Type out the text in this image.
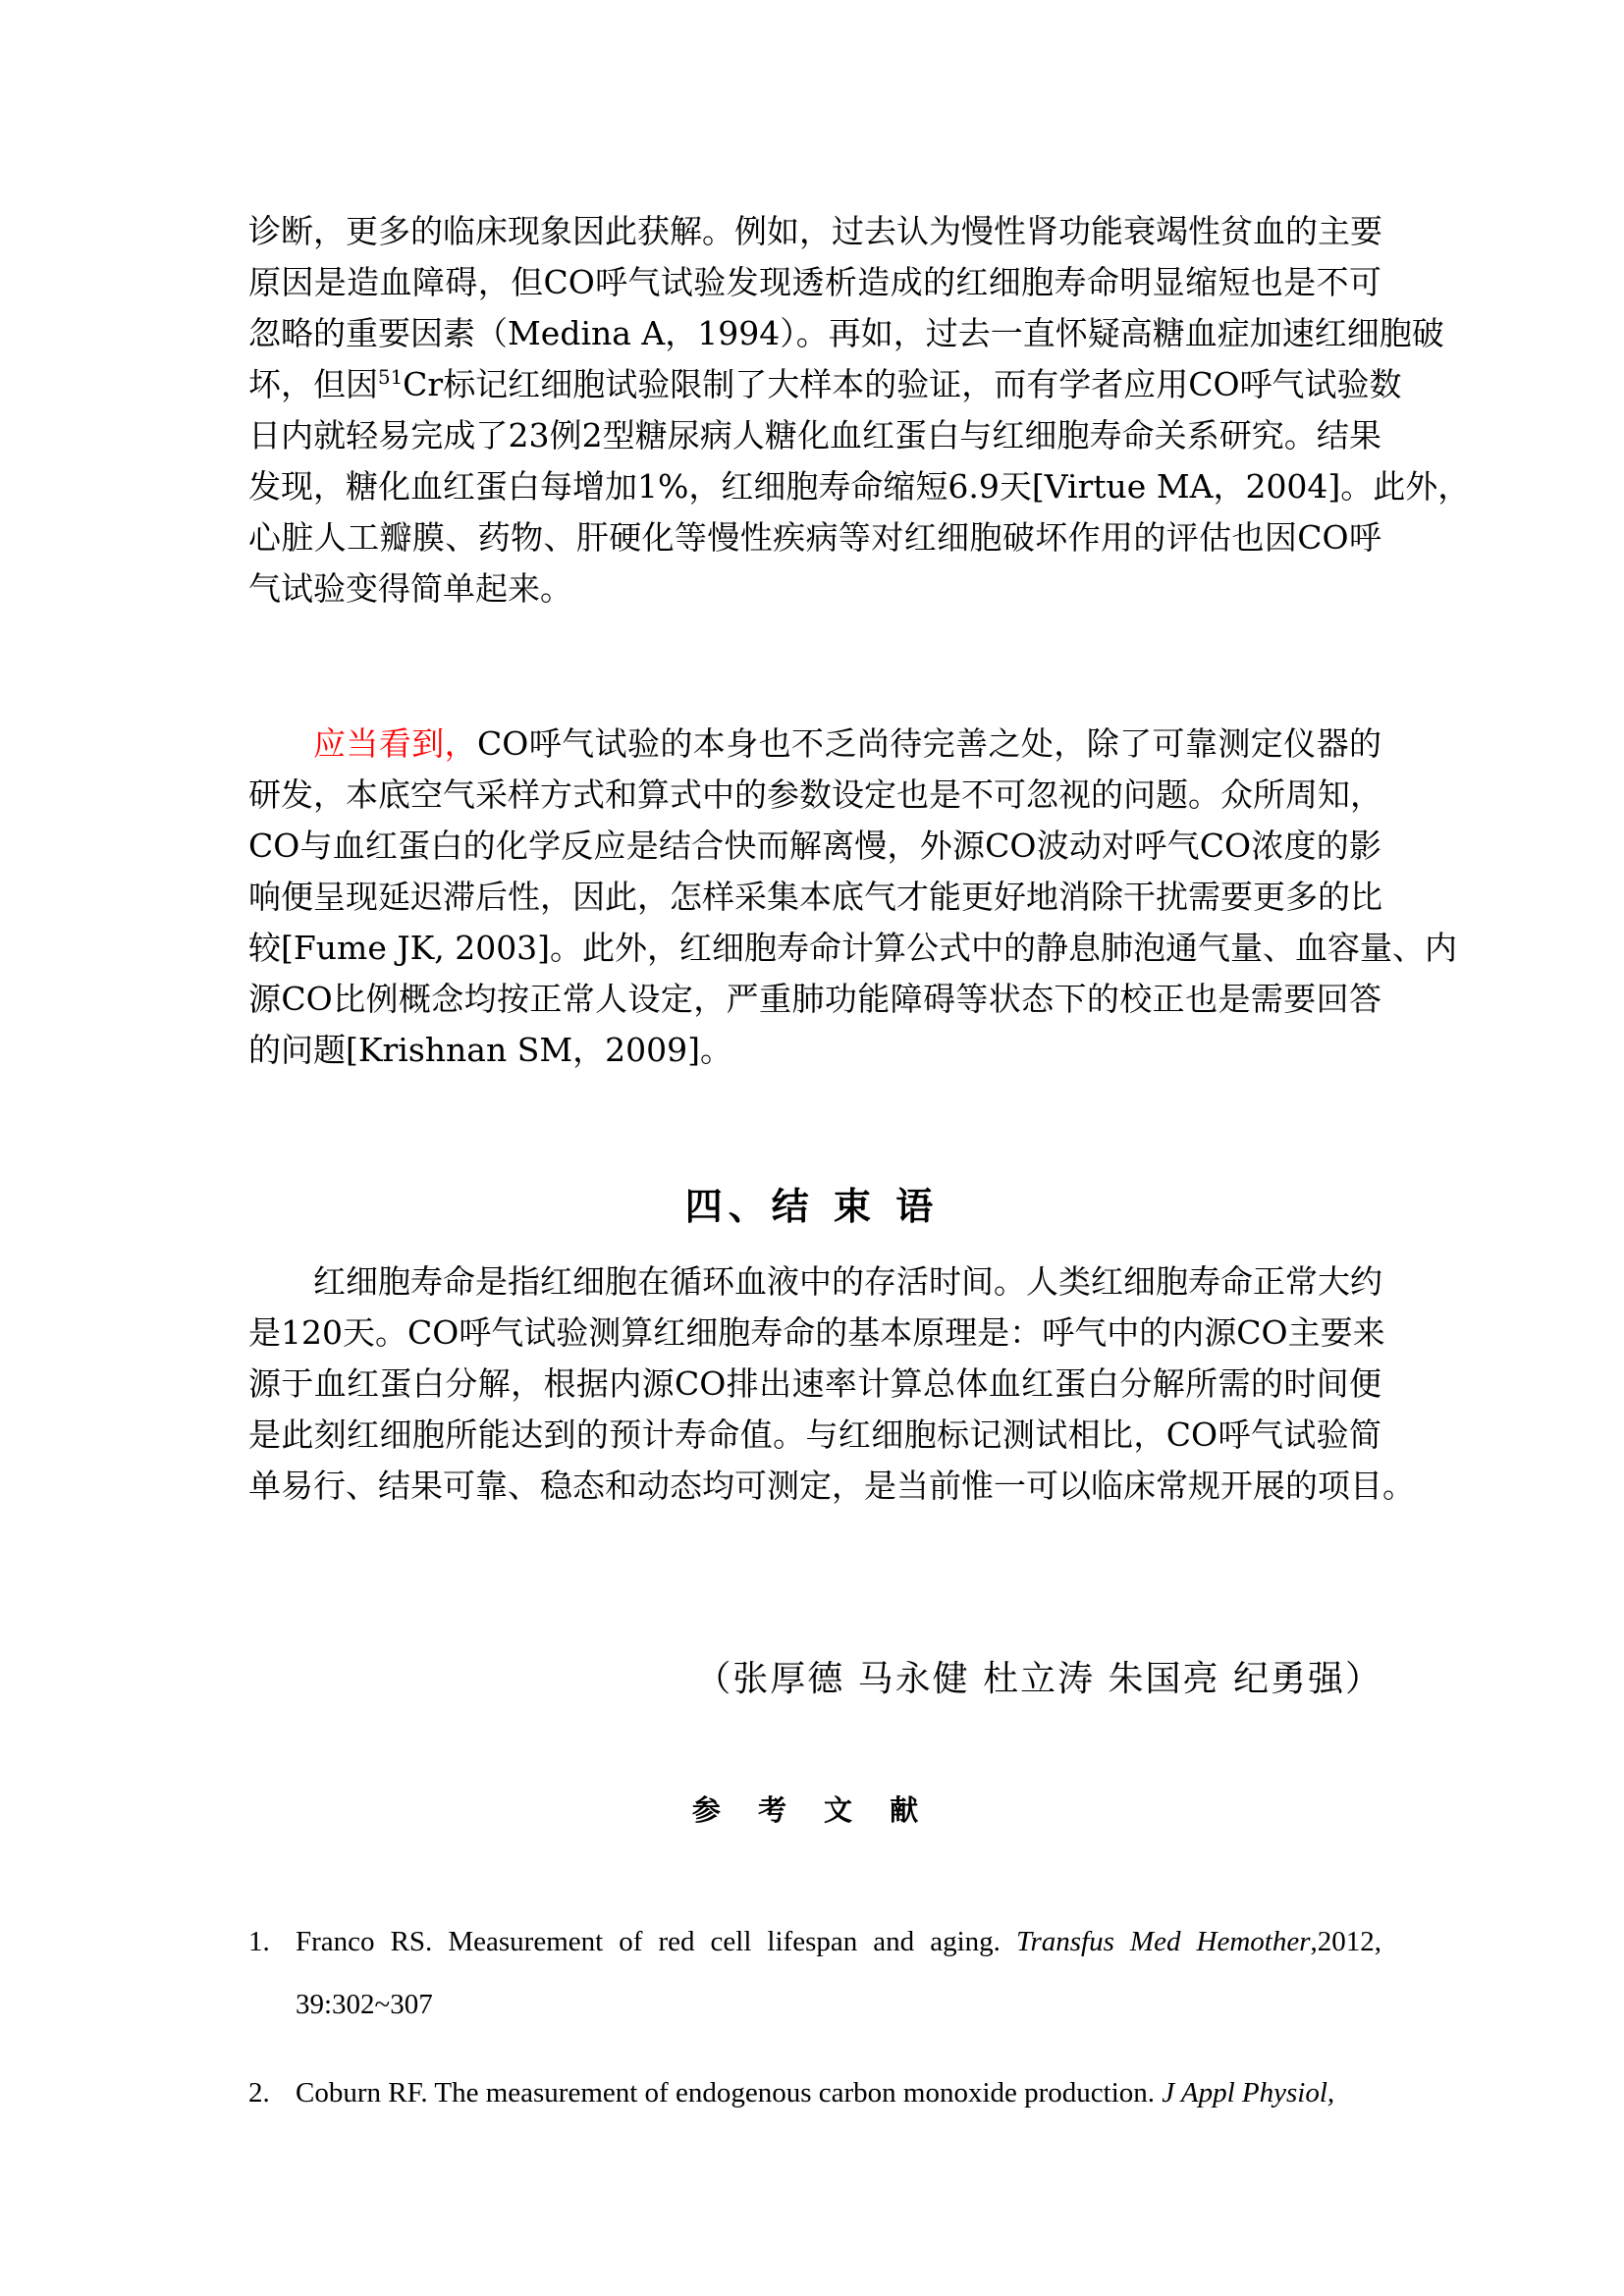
诊断，更多的临床现象因此获解。例如，过去认为慢性肾功能衰竭性贫血的主要
原因是造血障碍，但CO呼气试验发现透析造成的红细胞寿命明显缩短也是不可
忽略的重要因素（Medina A，1994）。再如，过去一直怀疑高糖血症加速红细胞破
坏，但因$^{51}$Cr标记红细胞试验限制了大样本的验证，而有学者应用CO呼气试验数
日内就轻易完成了23例2型糖尿病人糖化血红蛋白与红细胞寿命关系研究。结果
发现，糖化血红蛋白每增加1%，红细胞寿命缩短6.9天[Virtue MA，2004]。此外，
心脏人工瓣膜、药物、肝硬化等慢性疾病等对红细胞破坏作用的评估也因CO呼
气试验变得简单起来。
应当看到，CO呼气试验的本身也不乏尚待完善之处，除了可靠测定仪器的
研发，本底空气采样方式和算式中的参数设定也是不可忽视的问题。众所周知，
CO与血红蛋白的化学反应是结合快而解离慢，外源CO波动对呼气CO浓度的影
响便呈现延迟滞后性，因此，怎样采集本底气才能更好地消除干扰需要更多的比
较[Fume JK, 2003]。此外，红细胞寿命计算公式中的静息肺泡通气量、血容量、内
源CO比例概念均按正常人设定，严重肺功能障碍等状态下的校正也是需要回答
的问题[Krishnan SM，2009]。
四、结 束 语
红细胞寿命是指红细胞在循环血液中的存活时间。人类红细胞寿命正常大约
是120天。CO呼气试验测算红细胞寿命的基本原理是：呼气中的内源CO主要来
源于血红蛋白分解，根据内源CO排出速率计算总体血红蛋白分解所需的时间便
是此刻红细胞所能达到的预计寿命值。与红细胞标记测试相比，CO呼气试验简
单易行、结果可靠、稳态和动态均可测定，是当前惟一可以临床常规开展的项目。
（张厚德 马永健 杜立涛 朱国亮 纪勇强）
参 考 文 献
1. Franco RS. Measurement of red cell lifespan and aging. Transfus Med Hemother,2012,
39:302~307
2. Coburn RF. The measurement of endogenous carbon monoxide production. J Appl Physiol,
